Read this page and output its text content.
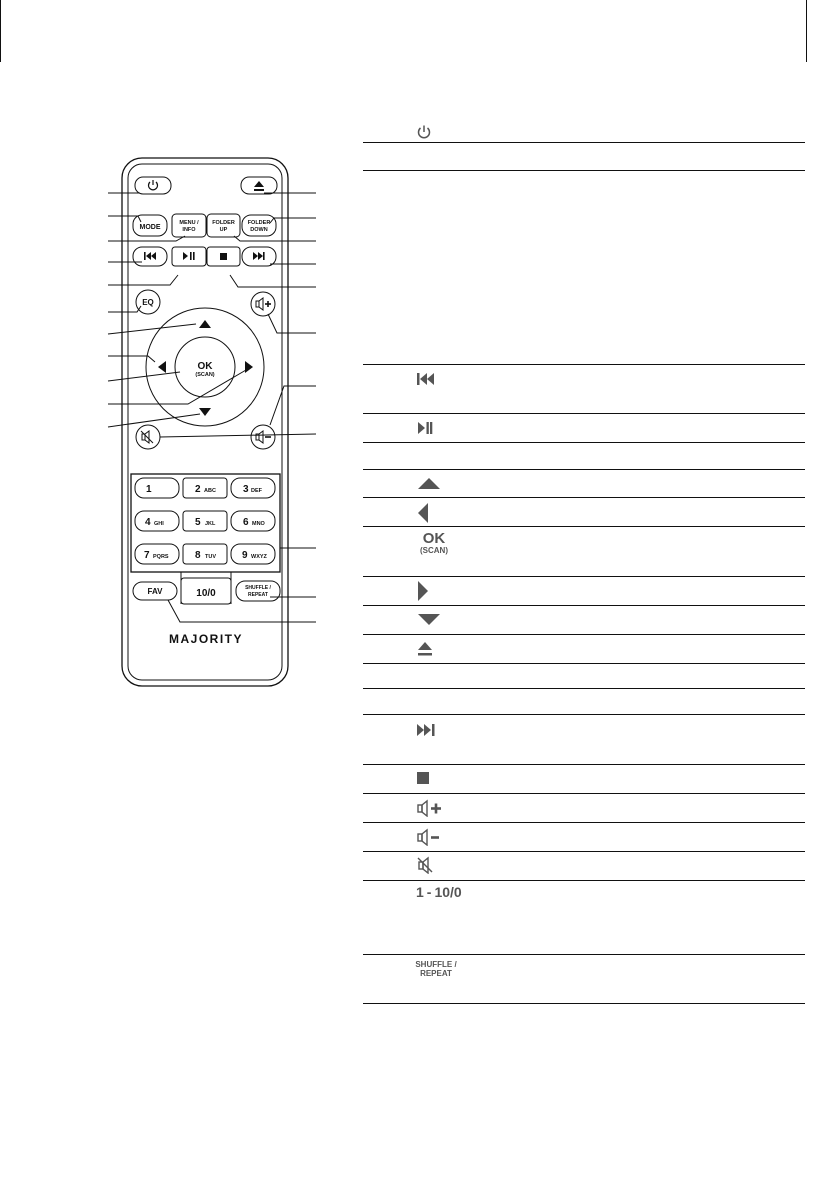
MODE
MENU /
INFO
FOLDER
UP
FOLDER
DOWN
EQ
OK
(SCAN)
1	2 ABC	3 DEF
4 GHI	5 JKL	6 MNO
7 PQRS	8 TUV	9 WXYZ
10/0
FAV	SHUFFLE /
REPEAT
MAJORITY
OK
(SCAN)
1 - 10/0
SHUFFLE /
REPEAT
